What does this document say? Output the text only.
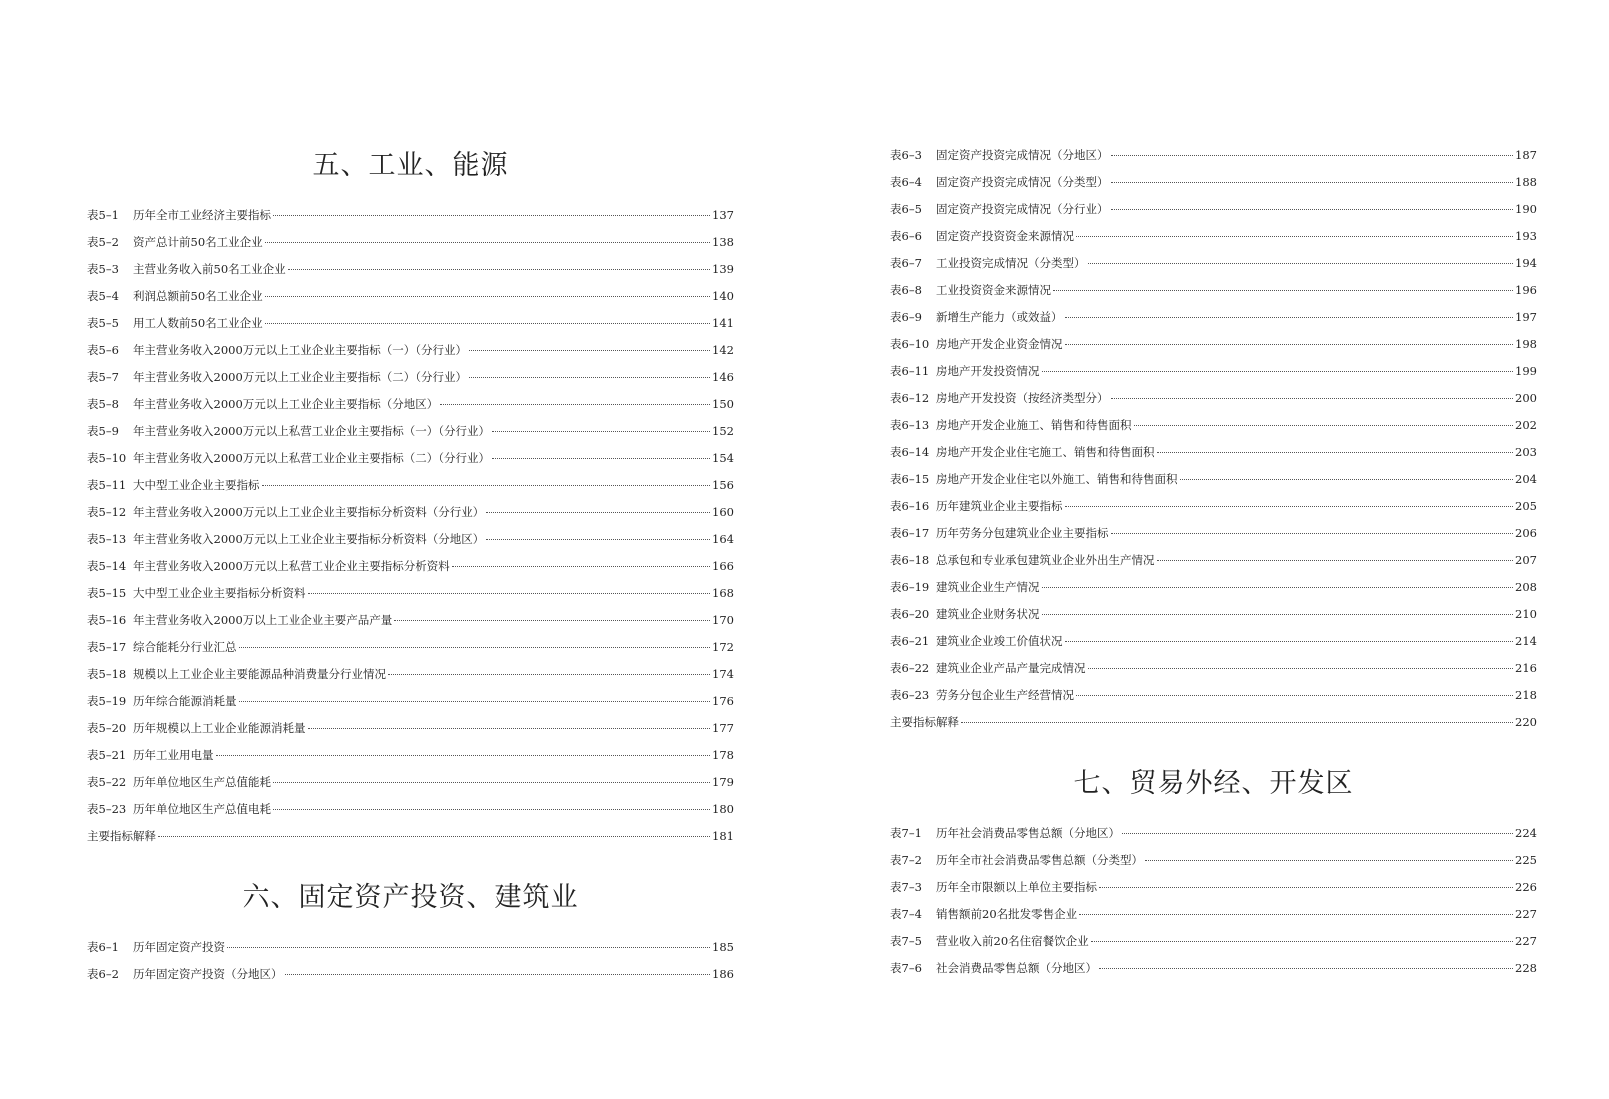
五、工业、能源
表5–1	历年全市工业经济主要指标	137
表5–2	资产总计前50名工业企业	138
表5–3	主营业务收入前50名工业企业	139
表5–4	利润总额前50名工业企业	140
表5–5	用工人数前50名工业企业	141
表5–6	年主营业务收入2000万元以上工业企业主要指标（一）（分行业）	142
表5–7	年主营业务收入2000万元以上工业企业主要指标（二）（分行业）	146
表5–8	年主营业务收入2000万元以上工业企业主要指标（分地区）	150
表5–9	年主营业务收入2000万元以上私营工业企业主要指标（一）（分行业）	152
表5–10 年主营业务收入2000万元以上私营工业企业主要指标（二）（分行业）	154
表5–11 大中型工业企业主要指标	156
表5–12 年主营业务收入2000万元以上工业企业主要指标分析资料（分行业）	160
表5–13 年主营业务收入2000万元以上工业企业主要指标分析资料（分地区）	164
表5–14 年主营业务收入2000万元以上私营工业企业主要指标分析资料	166
表5–15 大中型工业企业主要指标分析资料	168
表5–16 年主营业务收入2000万以上工业企业主要产品产量	170
表5–17 综合能耗分行业汇总	172
表5–18 规模以上工业企业主要能源品种消费量分行业情况	174
表5–19 历年综合能源消耗量	176
表5–20 历年规模以上工业企业能源消耗量	177
表5–21 历年工业用电量	178
表5–22 历年单位地区生产总值能耗	179
表5–23 历年单位地区生产总值电耗	180
主要指标解释	181
六、固定资产投资、建筑业
表6–1	历年固定资产投资	185
表6–2	历年固定资产投资（分地区）	186
表6–3	固定资产投资完成情况（分地区）	187
表6–4	固定资产投资完成情况（分类型）	188
表6–5	固定资产投资完成情况（分行业）	190
表6–6	固定资产投资资金来源情况	193
表6–7	工业投资完成情况（分类型）	194
表6–8	工业投资资金来源情况	196
表6–9	新增生产能力（或效益）	197
表6–10 房地产开发企业资金情况	198
表6–11 房地产开发投资情况	199
表6–12 房地产开发投资（按经济类型分）	200
表6–13 房地产开发企业施工、销售和待售面积	202
表6–14 房地产开发企业住宅施工、销售和待售面积	203
表6–15 房地产开发企业住宅以外施工、销售和待售面积	204
表6–16 历年建筑业企业主要指标	205
表6–17 历年劳务分包建筑业企业主要指标	206
表6–18 总承包和专业承包建筑业企业外出生产情况	207
表6–19 建筑业企业生产情况	208
表6–20 建筑业企业财务状况	210
表6–21 建筑业企业竣工价值状况	214
表6–22 建筑业企业产品产量完成情况	216
表6–23 劳务分包企业生产经营情况	218
主要指标解释	220
七、贸易外经、开发区
表7–1	历年社会消费品零售总额（分地区）	224
表7–2	历年全市社会消费品零售总额（分类型）	225
表7–3	历年全市限额以上单位主要指标	226
表7–4	销售额前20名批发零售企业	227
表7–5	营业收入前20名住宿餐饮企业	227
表7–6	社会消费品零售总额（分地区）	228
